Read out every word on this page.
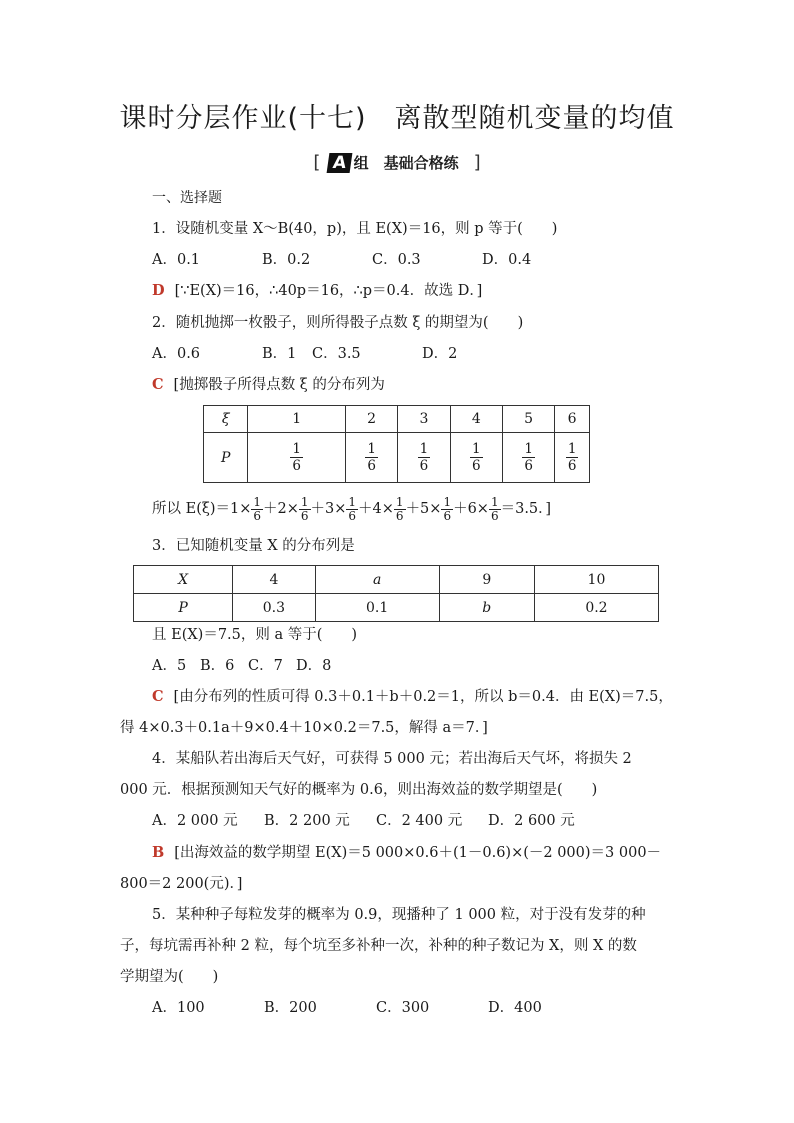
课时分层作业(十七)　离散型随机变量的均值
[ A 组　基础合格练　 ]
一、选择题
1．设随机变量 X～B(40，p)，且 E(X)＝16，则 p 等于(　　)
A．0.1	B．0.2	C．0.3	D．0.4
D [∵E(X)＝16，∴40p＝16，∴p＝0.4．故选 D．]
2．随机抛掷一枚骰子，则所得骰子点数 ξ 的期望为(　　)
A．0.6	B．1 C．3.5	D．2
C [抛掷骰子所得点数 ξ 的分布列为
ξ	1	2	3	4	5	6
P	$\frac{1}{6}$	$\frac{1}{6}$	$\frac{1}{6}$	$\frac{1}{6}$	$\frac{1}{6}$	$\frac{1}{6}$
所以 $E(\xi)=1\times \frac{1}{6} +2\times \frac{1}{6} +3\times \frac{1}{6} +4\times \frac{1}{6} +5\times \frac{1}{6} +6\times \frac{1}{6} =3.5$．]
3．已知随机变量 X 的分布列是
X	4	a	9	10
P	0.3	0.1	b	0.2
且 E(X)＝7.5，则 a 等于(　　)
A．5 B．6 C．7 D．8
C [由分布列的性质可得 0.3＋0.1＋b＋0.2＝1，所以 b＝0.4．由 E(X)＝7.5，
得 4×0.3＋0.1a＋9×0.4＋10×0.2＝7.5，解得 a＝7．]
4．某船队若出海后天气好，可获得 5 000 元；若出海后天气坏，将损失 2
000 元．根据预测知天气好的概率为 0.6，则出海效益的数学期望是(　　)
A．2 000 元 B．2 200 元 C．2 400 元 D．2 600 元
B [出海效益的数学期望 E(X)＝5 000×0.6＋(1－0.6)×(－2 000)＝3 000－
800＝2 200(元)．]
5．某种种子每粒发芽的概率为 0.9，现播种了 1 000 粒，对于没有发芽的种
子，每坑需再补种 2 粒，每个坑至多补种一次，补种的种子数记为 X，则 X 的数
学期望为(　　)
A．100	B．200	C．300	D．400
